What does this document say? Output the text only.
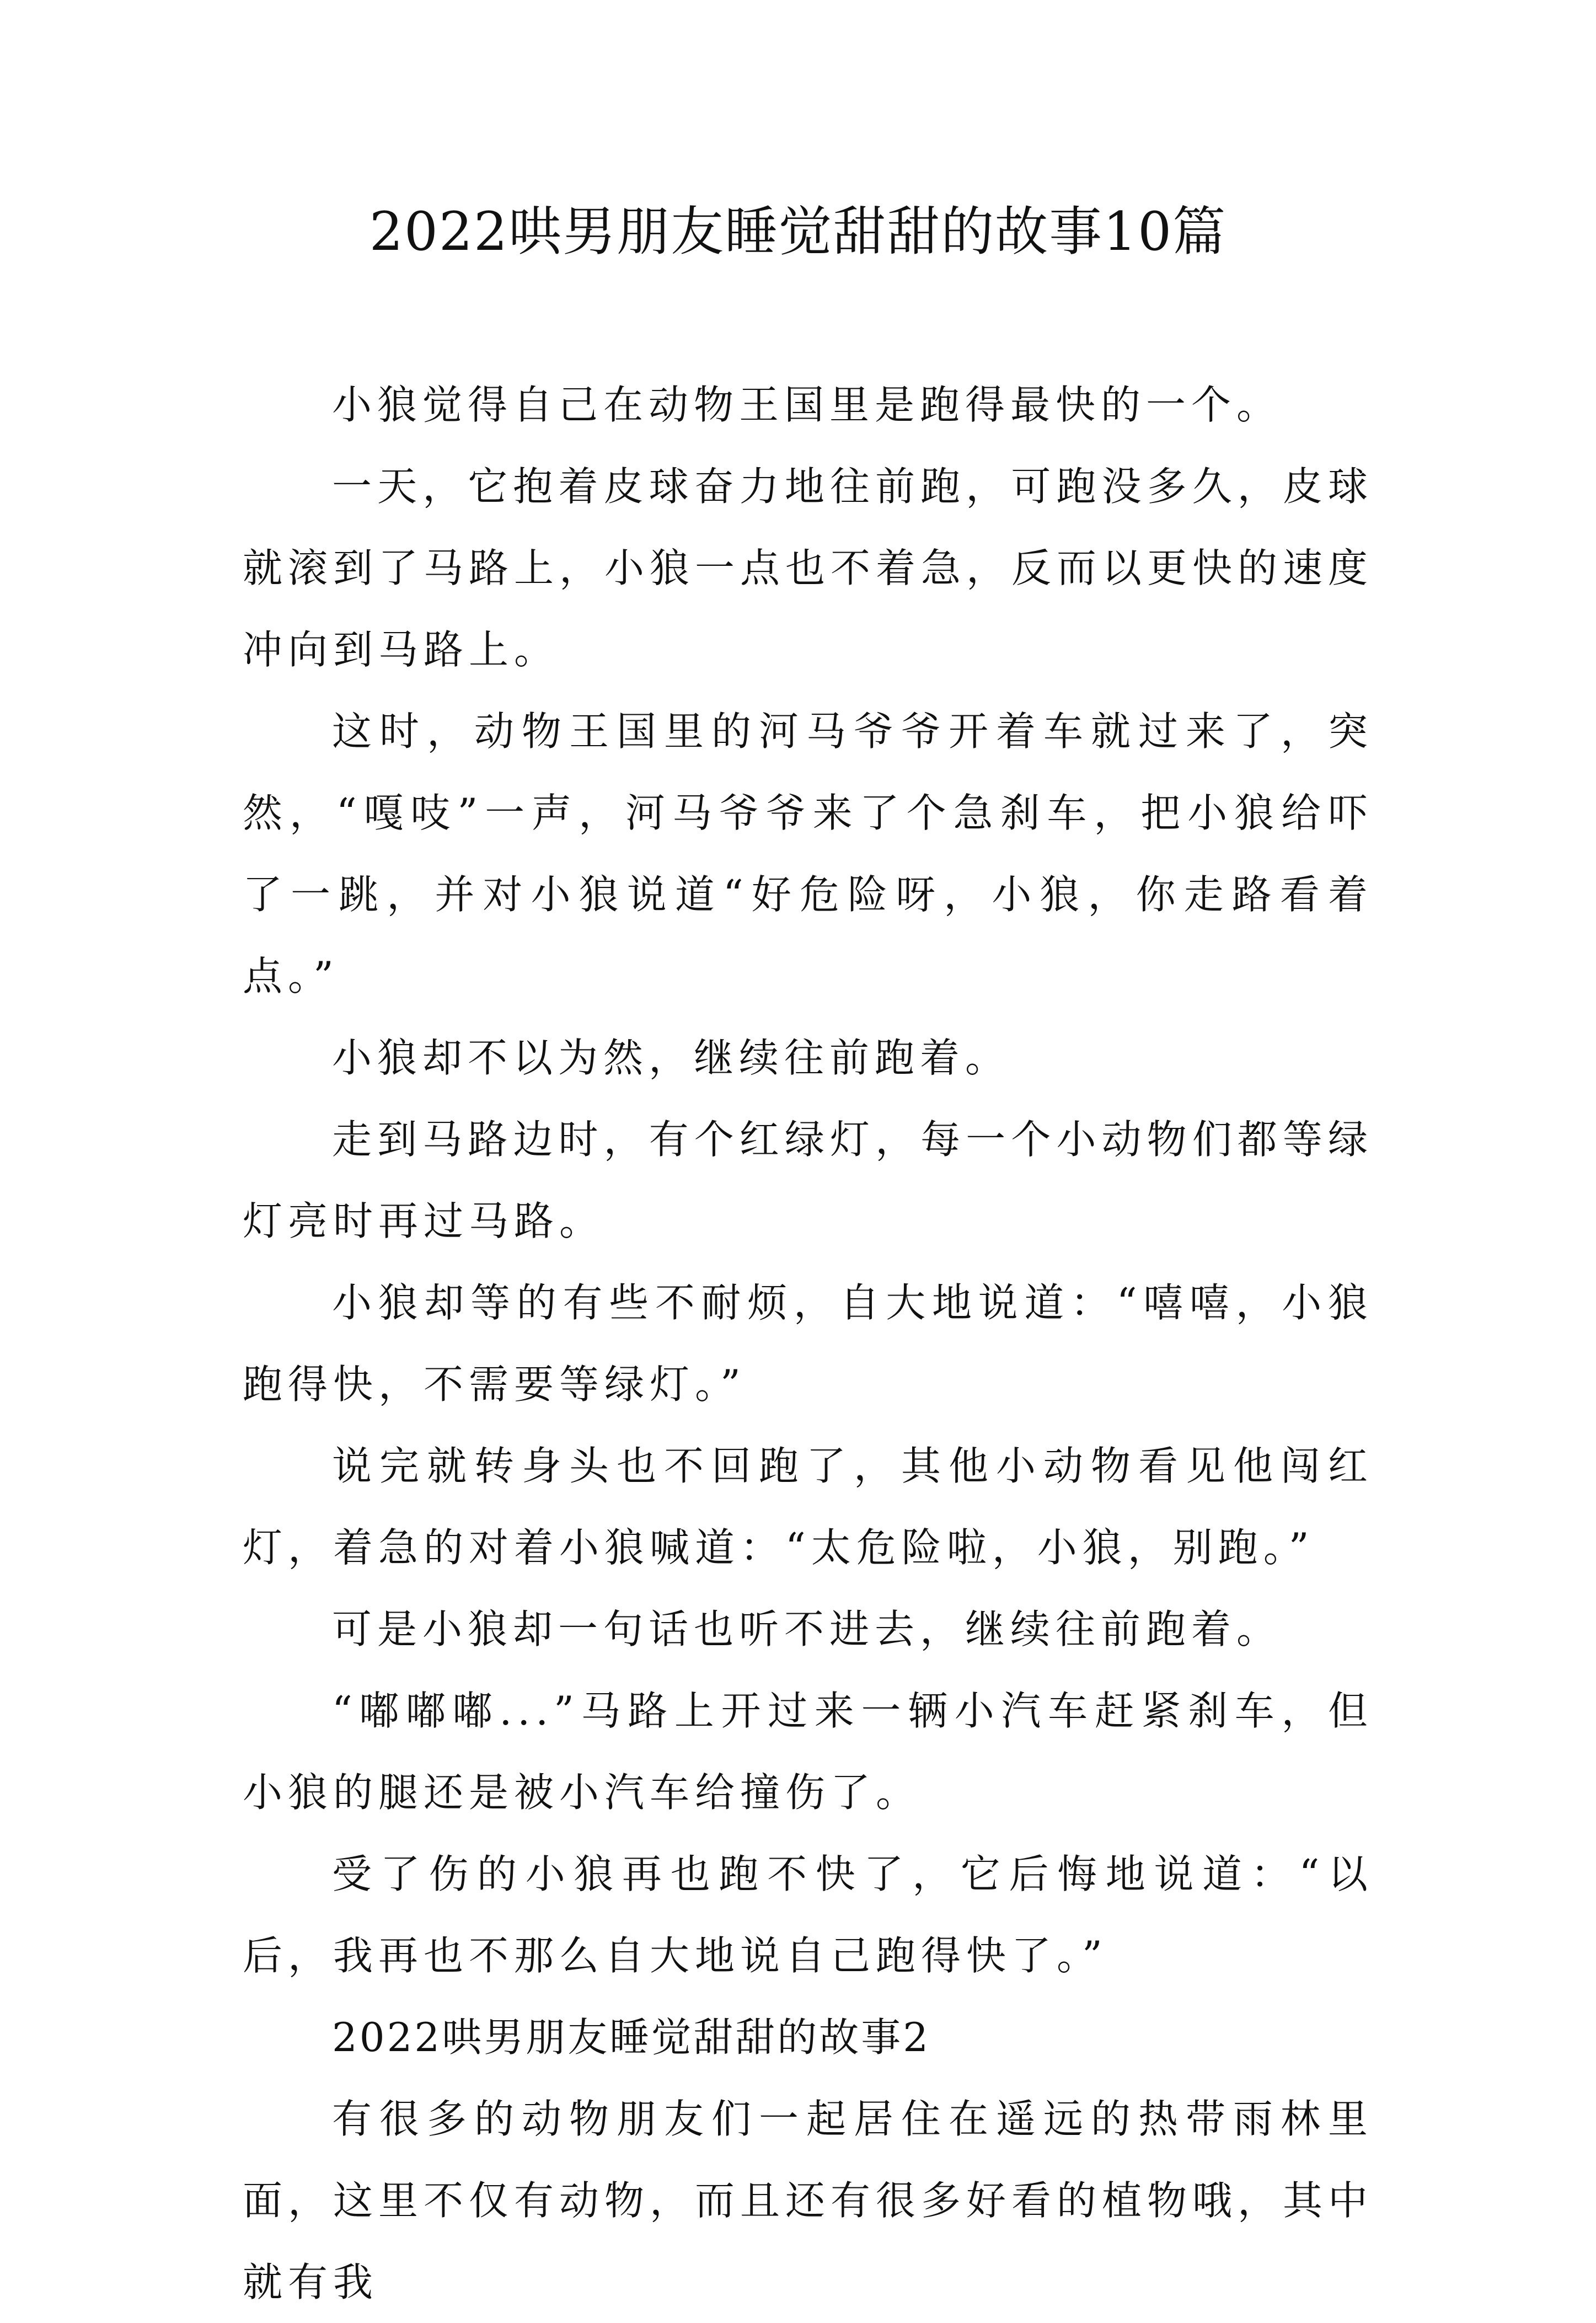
2022哄男朋友睡觉甜甜的故事10篇

小狼觉得自己在动物王国里是跑得最快的一个。

一天，它抱着皮球奋力地往前跑，可跑没多久，皮球就滚到了马路上，小狼一点也不着急，反而以更快的速度冲向到马路上。

这时，动物王国里的河马爷爷开着车就过来了，突然，“嘎吱”一声，河马爷爷来了个急刹车，把小狼给吓了一跳，并对小狼说道“好危险呀，小狼，你走路看着点。”

小狼却不以为然，继续往前跑着。

走到马路边时，有个红绿灯，每一个小动物们都等绿灯亮时再过马路。

小狼却等的有些不耐烦，自大地说道：“嘻嘻，小狼跑得快，不需要等绿灯。”

说完就转身头也不回跑了，其他小动物看见他闯红灯，着急的对着小狼喊道：“太危险啦，小狼，别跑。”

可是小狼却一句话也听不进去，继续往前跑着。

“嘟嘟嘟...”马路上开过来一辆小汽车赶紧刹车，但小狼的腿还是被小汽车给撞伤了。

受了伤的小狼再也跑不快了，它后悔地说道：“以后，我再也不那么自大地说自己跑得快了。”

2022哄男朋友睡觉甜甜的故事2

有很多的动物朋友们一起居住在遥远的热带雨林里面，这里不仅有动物，而且还有很多好看的植物哦，其中就有我
